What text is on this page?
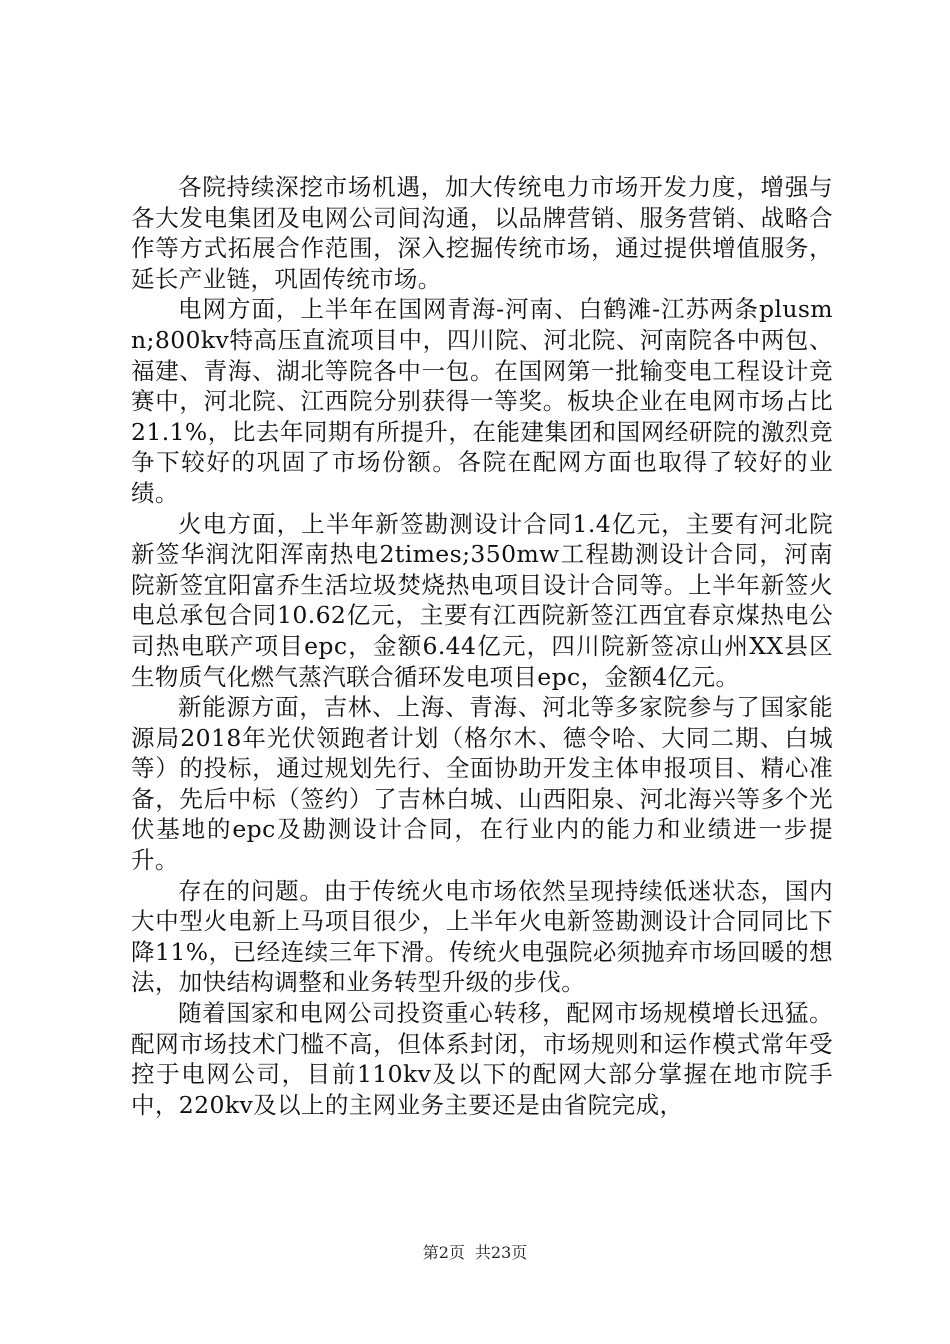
各院持续深挖市场机遇，加大传统电力市场开发力度，增强与各大发电集团及电网公司间沟通，以品牌营销、服务营销、战略合作等方式拓展合作范围，深入挖掘传统市场，通过提供增值服务，延长产业链，巩固传统市场。

电网方面，上半年在国网青海-河南、白鹤滩-江苏两条plusmn;800kv特高压直流项目中，四川院、河北院、河南院各中两包、福建、青海、湖北等院各中一包。在国网第一批输变电工程设计竞赛中，河北院、江西院分别获得一等奖。板块企业在电网市场占比21.1%，比去年同期有所提升，在能建集团和国网经研院的激烈竞争下较好的巩固了市场份额。各院在配网方面也取得了较好的业绩。

火电方面，上半年新签勘测设计合同1.4亿元，主要有河北院新签华润沈阳浑南热电2times;350mw工程勘测设计合同，河南院新签宜阳富乔生活垃圾焚烧热电项目设计合同等。上半年新签火电总承包合同10.62亿元，主要有江西院新签江西宜春京煤热电公司热电联产项目epc，金额6.44亿元，四川院新签凉山州XX县区生物质气化燃气蒸汽联合循环发电项目epc，金额4亿元。

新能源方面，吉林、上海、青海、河北等多家院参与了国家能源局2018年光伏领跑者计划（格尔木、德令哈、大同二期、白城等）的投标，通过规划先行、全面协助开发主体申报项目、精心准备，先后中标（签约）了吉林白城、山西阳泉、河北海兴等多个光伏基地的epc及勘测设计合同，在行业内的能力和业绩进一步提升。

存在的问题。由于传统火电市场依然呈现持续低迷状态，国内大中型火电新上马项目很少，上半年火电新签勘测设计合同同比下降11%，已经连续三年下滑。传统火电强院必须抛弃市场回暖的想法，加快结构调整和业务转型升级的步伐。

随着国家和电网公司投资重心转移，配网市场规模增长迅猛。配网市场技术门槛不高，但体系封闭，市场规则和运作模式常年受控于电网公司，目前110kv及以下的配网大部分掌握在地市院手中，220kv及以上的主网业务主要还是由省院完成，

第2页 共23页
